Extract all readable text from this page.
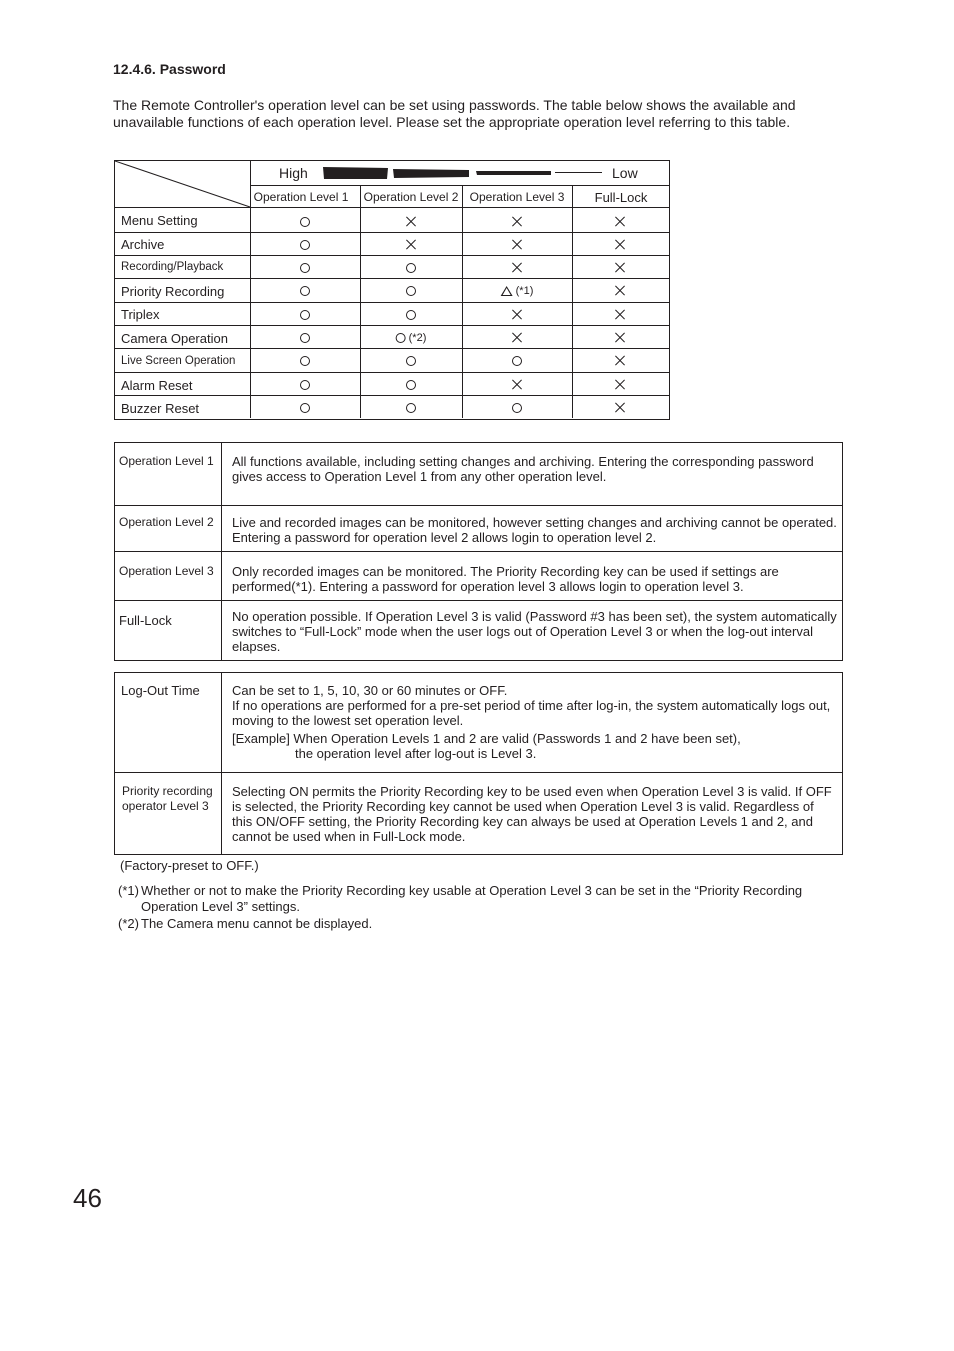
12.4.6. Password
The Remote Controller's operation level can be set using passwords. The table below shows the available and unavailable functions of each operation level. Please set the appropriate operation level referring to this table.
High	Low
Operation Level 1 Operation Level 2 Operation Level 3 Full-Lock
Menu Setting
Archive
Recording/Playback
Priority Recording
Triplex
Camera Operation
Live Screen Operation
Alarm Reset
Buzzer Reset
(*1)
(*2)
Operation Level 1 All functions available, including setting changes and archiving. Entering the corresponding password gives access to Operation Level 1 from any other operation level.
Operation Level 2 Live and recorded images can be monitored, however setting changes and archiving cannot be operated. Entering a password for operation level 2 allows login to operation level 2.
Operation Level 3 Only recorded images can be monitored. The Priority Recording key can be used if settings are performed(*1). Entering a password for operation level 3 allows login to operation level 3.
Full-Lock	No operation possible. If Operation Level 3 is valid (Password #3 has been set), the system automatically switches to “Full-Lock” mode when the user logs out of Operation Level 3 or when the log-out interval elapses.
Log-Out Time Can be set to 1, 5, 10, 30 or 60 minutes or OFF.
If no operations are performed for a pre-set period of time after log-in, the system automatically logs out, moving to the lowest set operation level.
[Example] When Operation Levels 1 and 2 are valid (Passwords 1 and 2 have been set),
the operation level after log-out is Level 3.
Priority recording operator Level 3
Selecting ON permits the Priority Recording key to be used even when Operation Level 3 is valid. If OFF is selected, the Priority Recording key cannot be used when Operation Level 3 is valid. Regardless of this ON/OFF setting, the Priority Recording key can always be used at Operation Levels 1 and 2, and cannot be used when in Full-Lock mode.
(Factory-preset to OFF.)
(*1) Whether or not to make the Priority Recording key usable at Operation Level 3 can be set in the “Priority Recording Operation Level 3” settings.
(*2) The Camera menu cannot be displayed.
46
